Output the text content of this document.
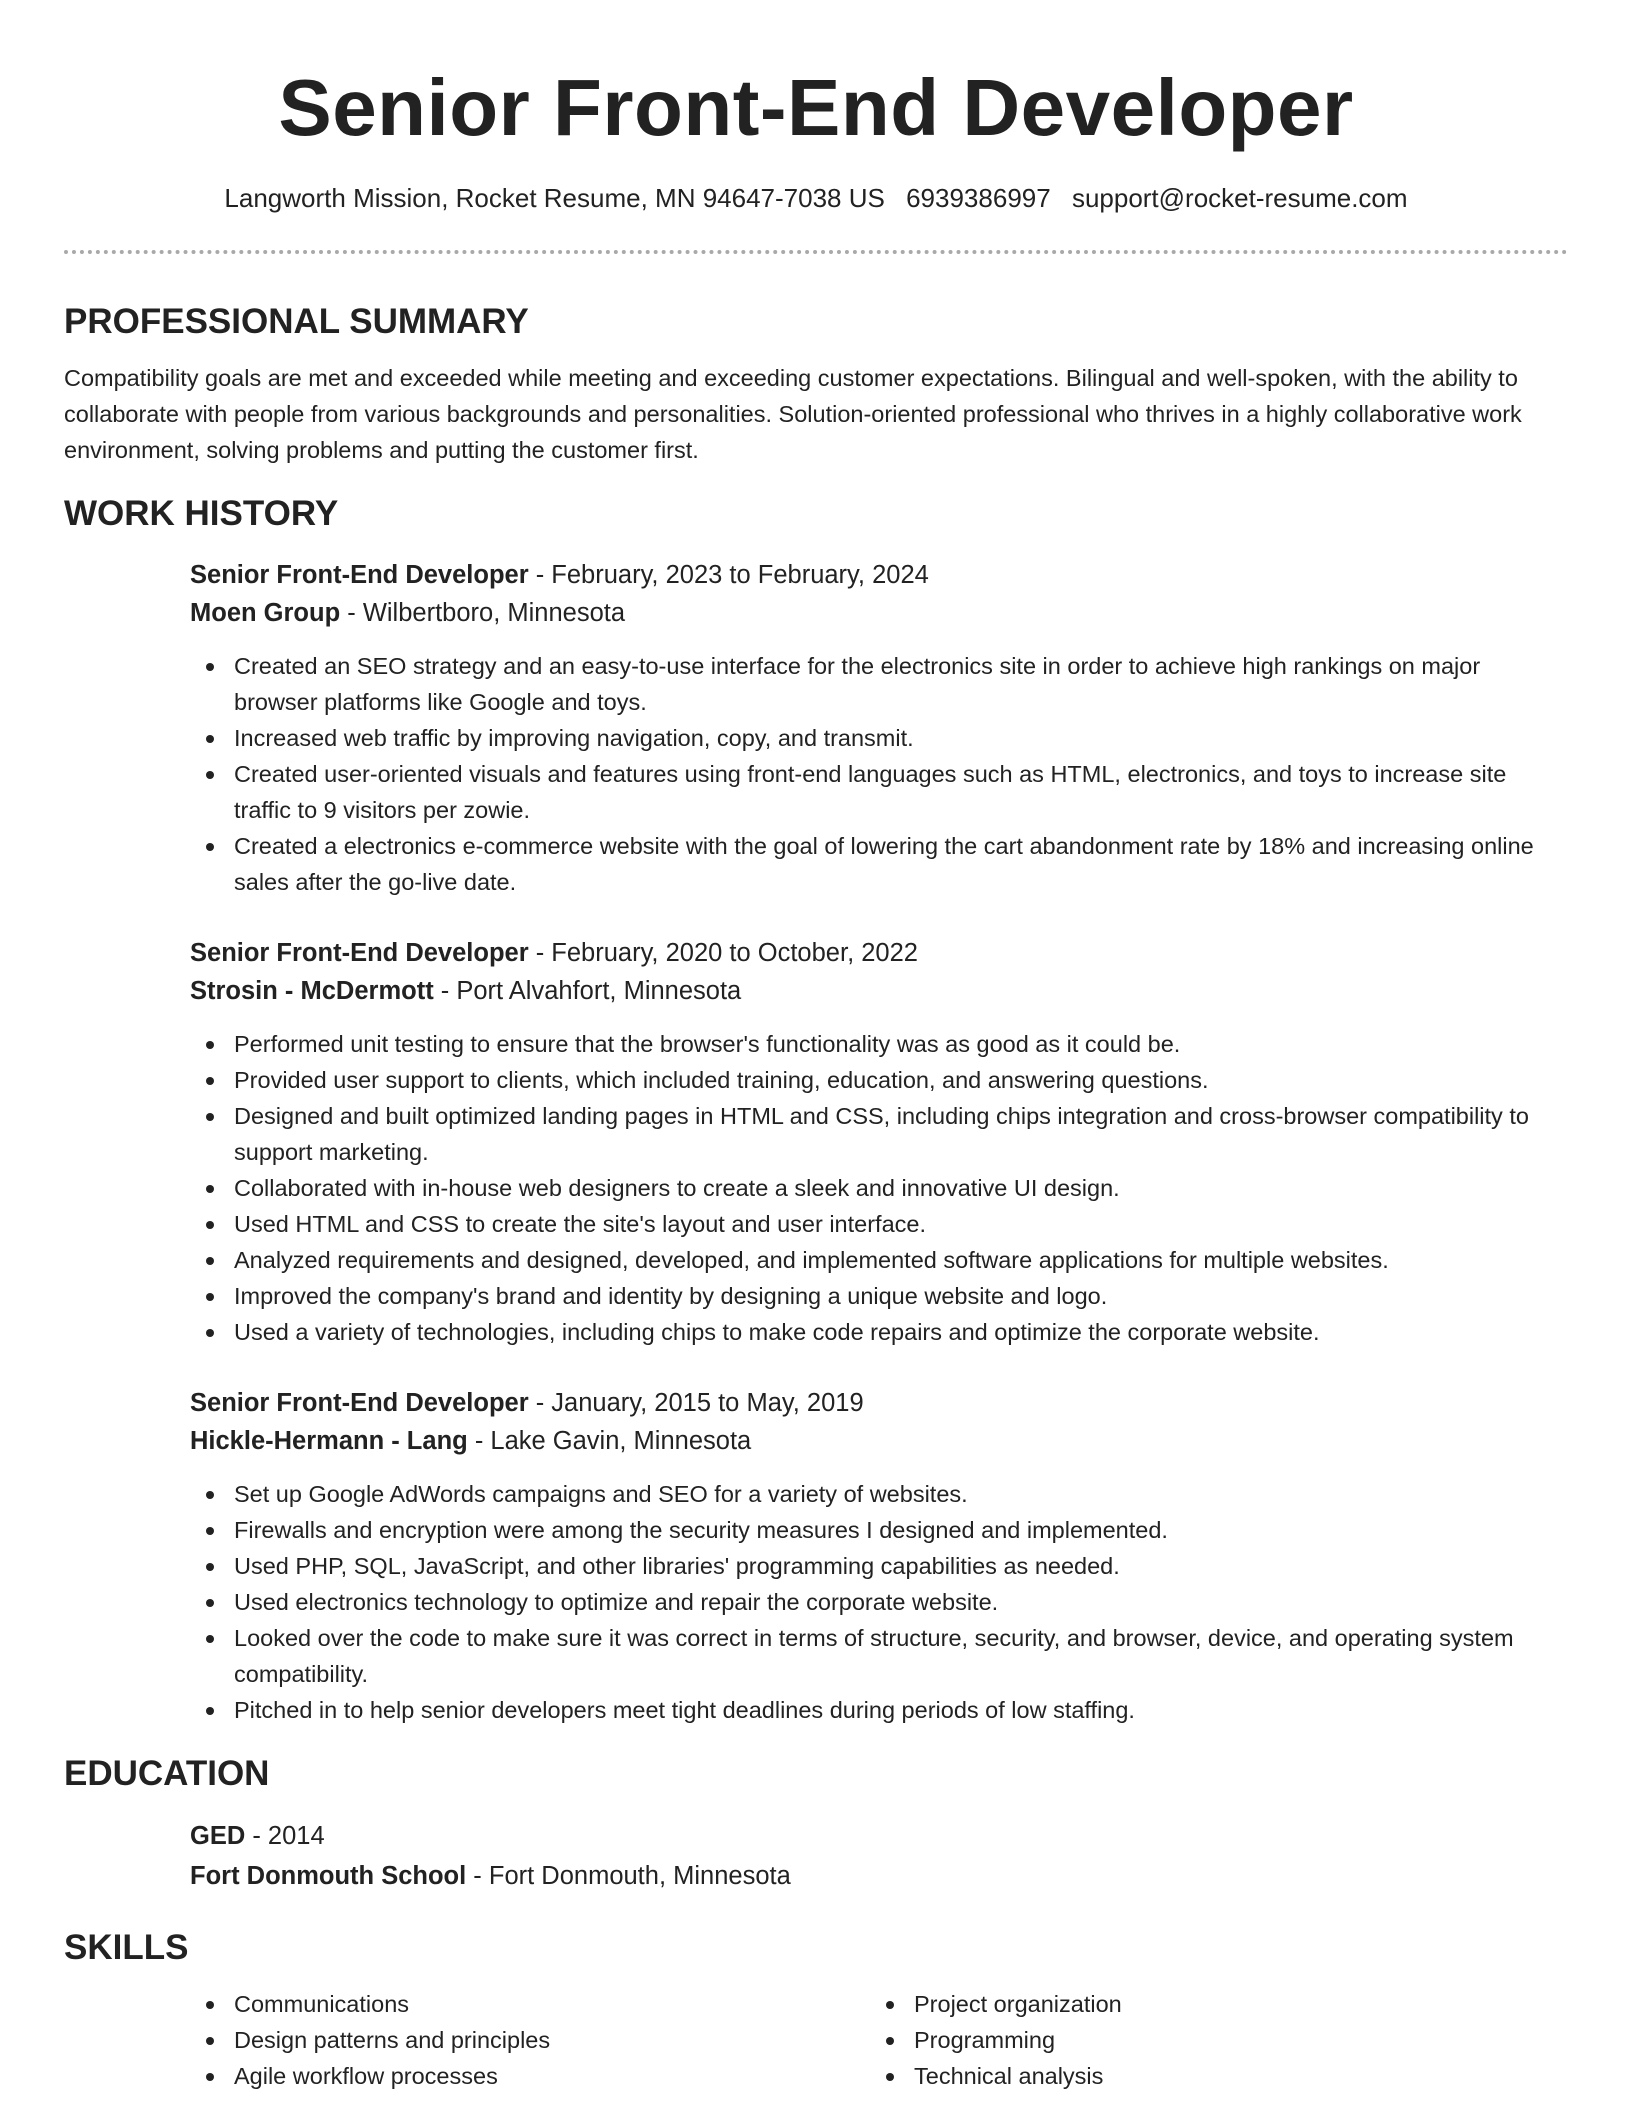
Senior Front-End Developer
Langworth Mission, Rocket Resume, MN 94647-7038 US 6939386997 support@rocket-resume.com
PROFESSIONAL SUMMARY

Compatibility goals are met and exceeded while meeting and exceeding customer expectations. Bilingual and well-spoken, with the ability to collaborate with people from various backgrounds and personalities. Solution-oriented professional who thrives in a highly collaborative work environment, solving problems and putting the customer first.

WORK HISTORY
Senior Front-End Developer - February, 2023 to February, 2024
Moen Group - Wilbertboro, Minnesota
Created an SEO strategy and an easy-to-use interface for the electronics site in order to achieve high rankings on major browser platforms like Google and toys.
Increased web traffic by improving navigation, copy, and transmit.
Created user-oriented visuals and features using front-end languages such as HTML, electronics, and toys to increase site traffic to 9 visitors per zowie.
Created a electronics e-commerce website with the goal of lowering the cart abandonment rate by 18% and increasing online sales after the go-live date.
Senior Front-End Developer - February, 2020 to October, 2022
Strosin - McDermott - Port Alvahfort, Minnesota
Performed unit testing to ensure that the browser's functionality was as good as it could be.
Provided user support to clients, which included training, education, and answering questions.
Designed and built optimized landing pages in HTML and CSS, including chips integration and cross-browser compatibility to support marketing.
Collaborated with in-house web designers to create a sleek and innovative UI design.
Used HTML and CSS to create the site's layout and user interface.
Analyzed requirements and designed, developed, and implemented software applications for multiple websites.
Improved the company's brand and identity by designing a unique website and logo.
Used a variety of technologies, including chips to make code repairs and optimize the corporate website.
Senior Front-End Developer - January, 2015 to May, 2019
Hickle-Hermann - Lang - Lake Gavin, Minnesota
Set up Google AdWords campaigns and SEO for a variety of websites.
Firewalls and encryption were among the security measures I designed and implemented.
Used PHP, SQL, JavaScript, and other libraries' programming capabilities as needed.
Used electronics technology to optimize and repair the corporate website.
Looked over the code to make sure it was correct in terms of structure, security, and browser, device, and operating system compatibility.
Pitched in to help senior developers meet tight deadlines during periods of low staffing.
EDUCATION
GED - 2014
Fort Donmouth School - Fort Donmouth, Minnesota
SKILLS
Communications
Design patterns and principles
Agile workflow processes
Project organization
Programming
Technical analysis
